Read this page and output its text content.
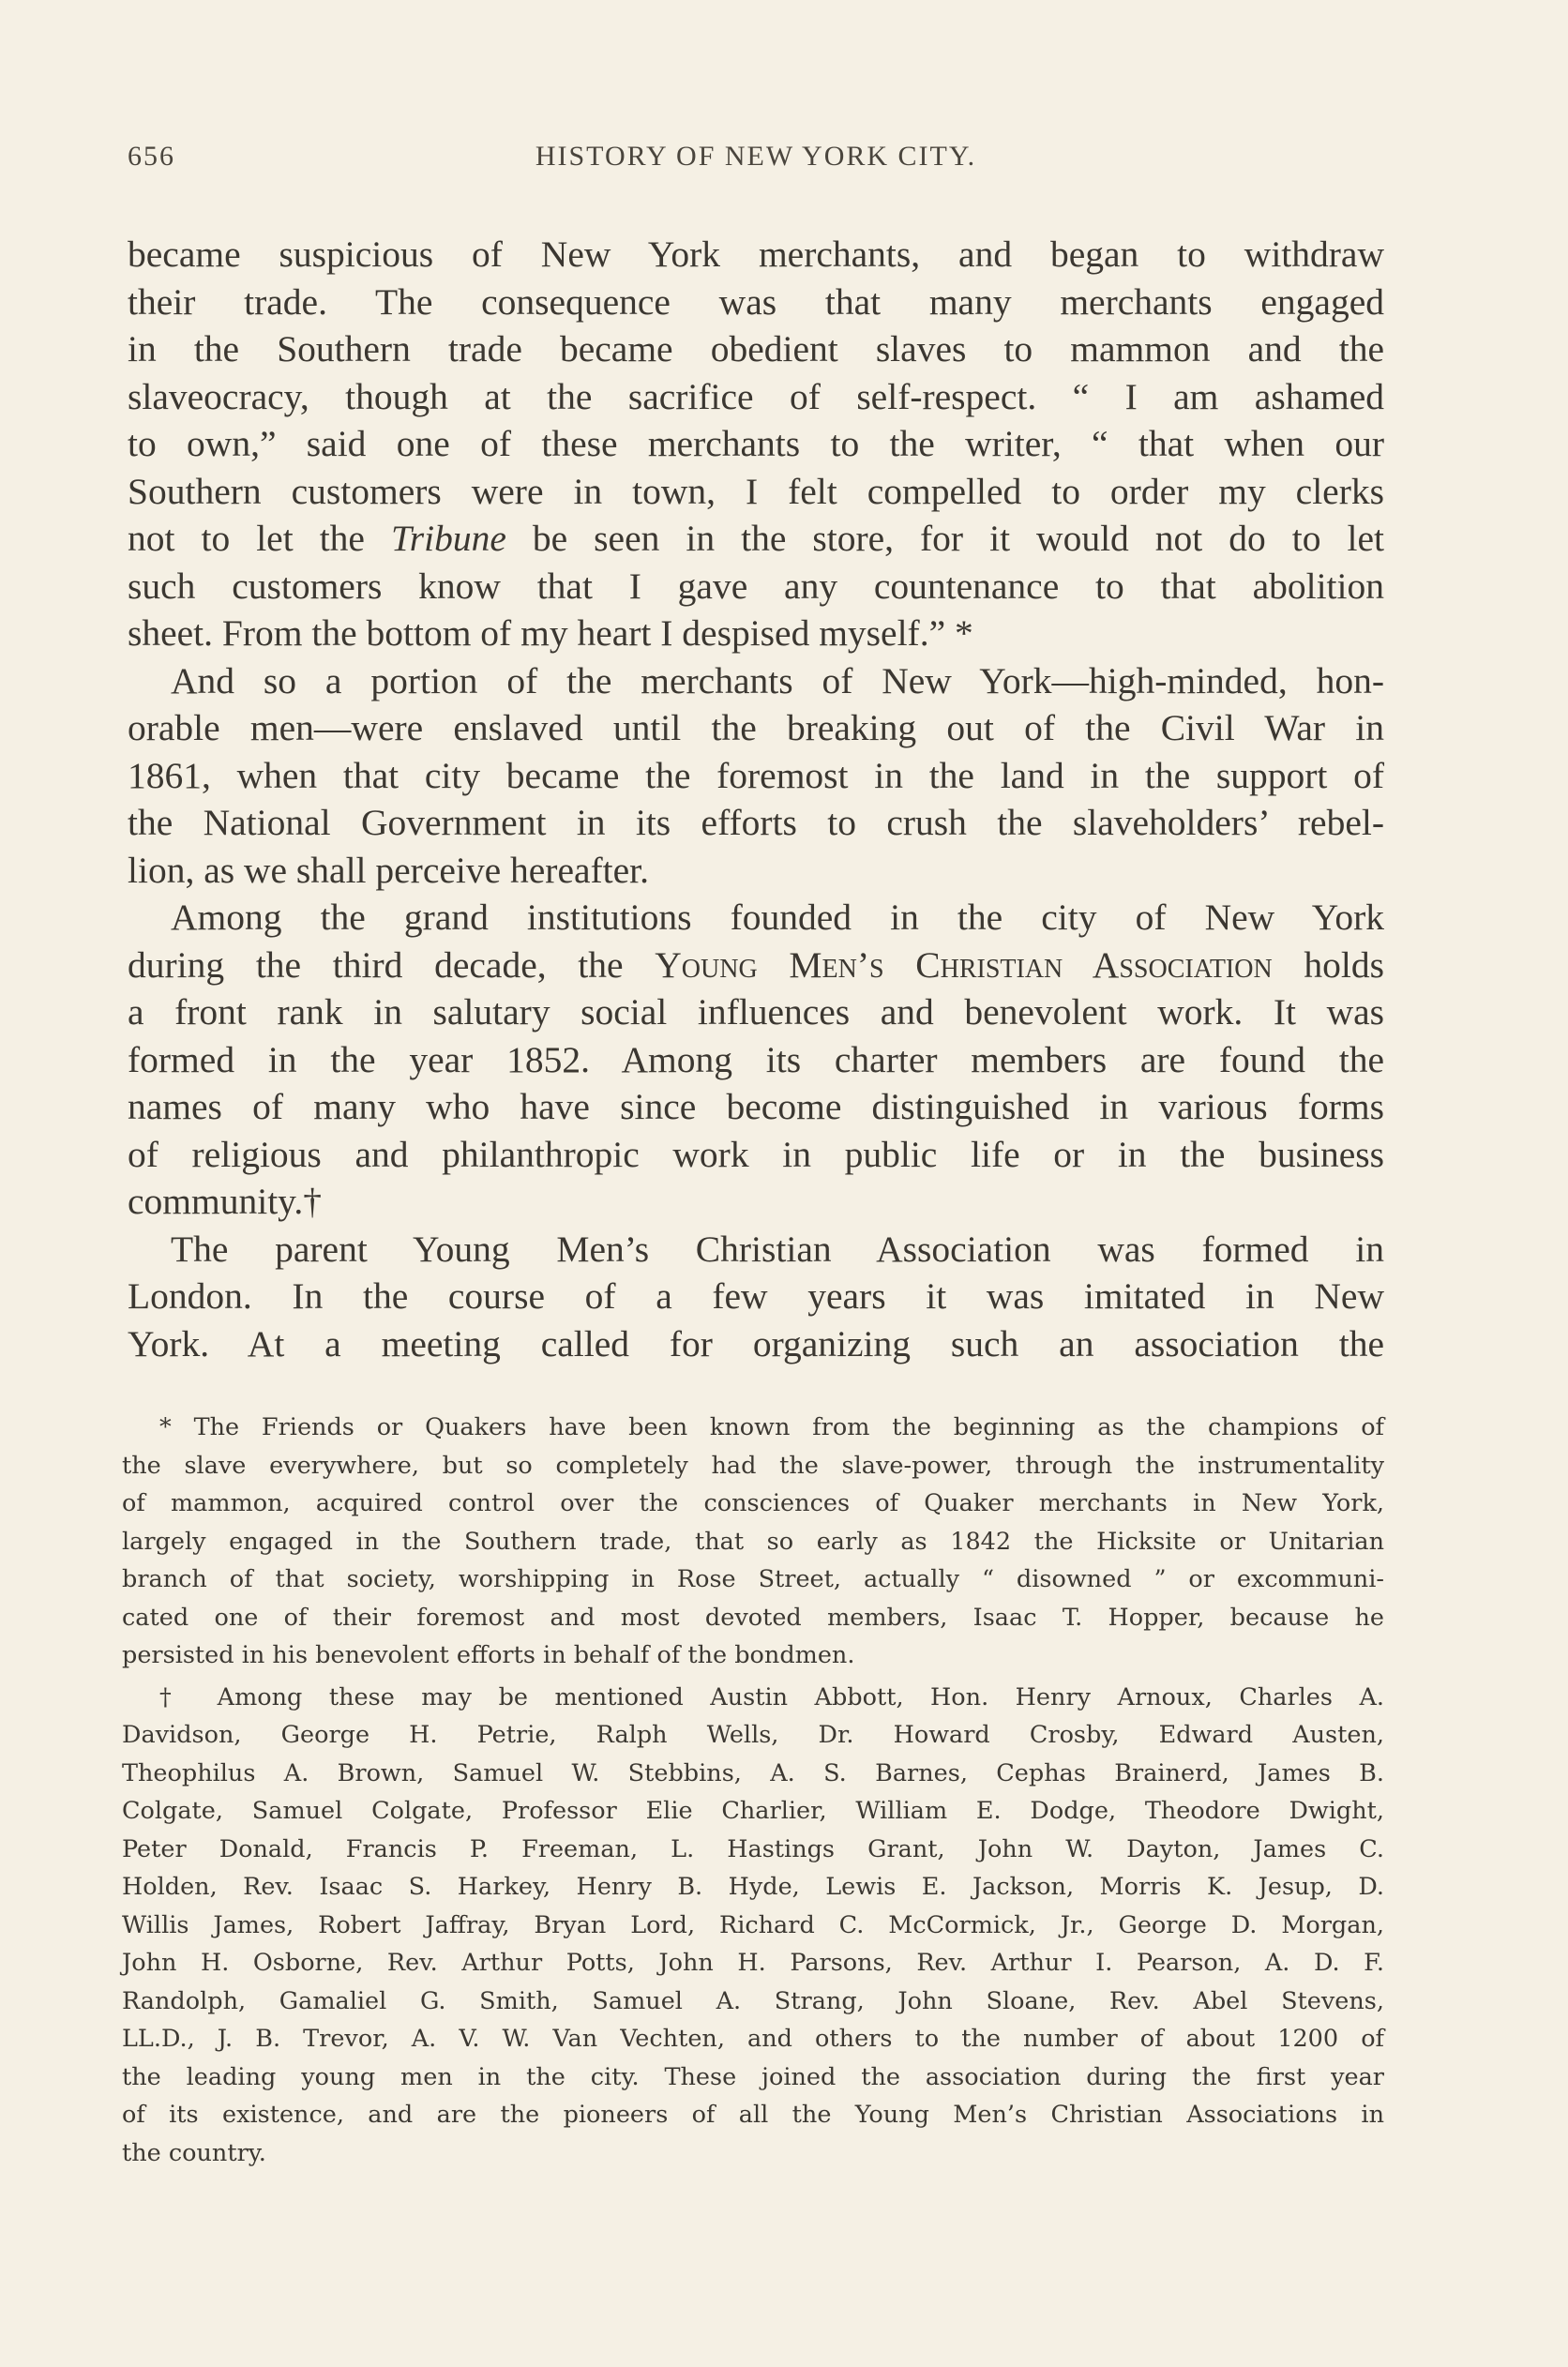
656	HISTORY OF NEW YORK CITY.

became suspicious of New York merchants, and began to withdraw

their trade. The consequence was that many merchants engaged

in the Southern trade became obedient slaves to mammon and the

slaveocracy, though at the sacrifice of self-respect. “ I am ashamed

to own,” said one of these merchants to the writer, “ that when our

Southern customers were in town, I felt compelled to order my clerks

not to let the Tribune be seen in the store, for it would not do to let

such customers know that I gave any countenance to that abolition

sheet. From the bottom of my heart I despised myself.” *

And so a portion of the merchants of New York—high-minded, hon-

orable men—were enslaved until the breaking out of the Civil War in

1861, when that city became the foremost in the land in the support of

the National Government in its efforts to crush the slaveholders’ rebel-

lion, as we shall perceive hereafter.

Among the grand institutions founded in the city of New York

during the third decade, the Young Men’s Christian Association holds

a front rank in salutary social influences and benevolent work. It was

formed in the year 1852. Among its charter members are found the

names of many who have since become distinguished in various forms

of religious and philanthropic work in public life or in the business

community.†

The parent Young Men’s Christian Association was formed in

London. In the course of a few years it was imitated in New

York. At a meeting called for organizing such an association the

* The Friends or Quakers have been known from the beginning as the champions of

the slave everywhere, but so completely had the slave-power, through the instrumentality

of mammon, acquired control over the consciences of Quaker merchants in New York,

largely engaged in the Southern trade, that so early as 1842 the Hicksite or Unitarian

branch of that society, worshipping in Rose Street, actually “ disowned ” or excommuni-

cated one of their foremost and most devoted members, Isaac T. Hopper, because he

persisted in his benevolent efforts in behalf of the bondmen.

† Among these may be mentioned Austin Abbott, Hon. Henry Arnoux, Charles A.

Davidson, George H. Petrie, Ralph Wells, Dr. Howard Crosby, Edward Austen,

Theophilus A. Brown, Samuel W. Stebbins, A. S. Barnes, Cephas Brainerd, James B.

Colgate, Samuel Colgate, Professor Elie Charlier, William E. Dodge, Theodore Dwight,

Peter Donald, Francis P. Freeman, L. Hastings Grant, John W. Dayton, James C.

Holden, Rev. Isaac S. Harkey, Henry B. Hyde, Lewis E. Jackson, Morris K. Jesup, D.

Willis James, Robert Jaffray, Bryan Lord, Richard C. McCormick, Jr., George D. Morgan,

John H. Osborne, Rev. Arthur Potts, John H. Parsons, Rev. Arthur I. Pearson, A. D. F.

Randolph, Gamaliel G. Smith, Samuel A. Strang, John Sloane, Rev. Abel Stevens,

LL.D., J. B. Trevor, A. V. W. Van Vechten, and others to the number of about 1200 of

the leading young men in the city. These joined the association during the first year

of its existence, and are the pioneers of all the Young Men’s Christian Associations in

the country.
